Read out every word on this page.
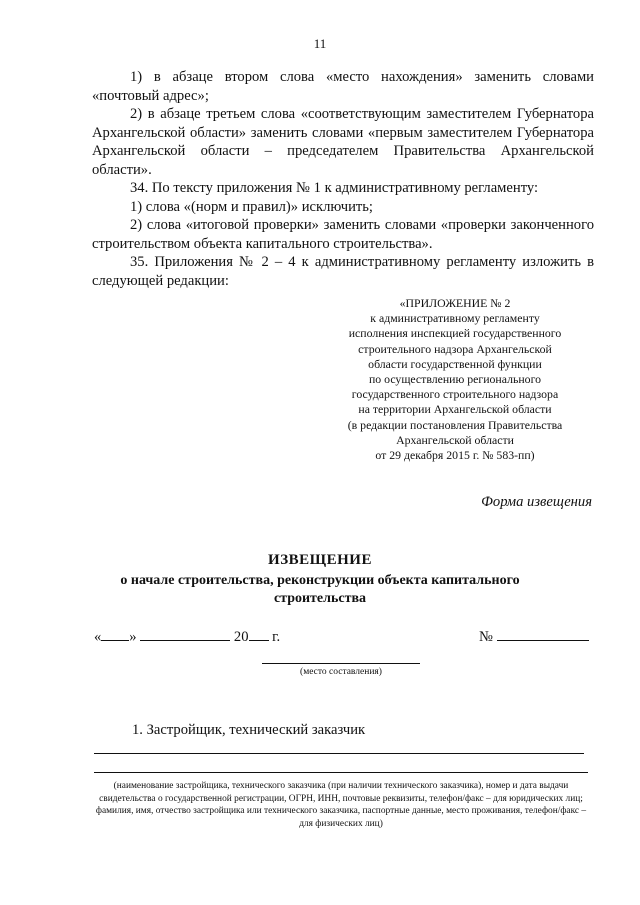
11

1) в абзаце втором слова «место нахождения» заменить словами «почтовый адрес»;

2) в абзаце третьем слова «соответствующим заместителем Губернатора Архангельской области» заменить словами «первым заместителем Губернатора Архангельской области – председателем Правительства Архангельской области».

34. По тексту приложения № 1 к административному регламенту:

1) слова «(норм и правил)» исключить;

2) слова «итоговой проверки» заменить словами «проверки законченного строительством объекта капитального строительства».

35. Приложения № 2 – 4 к административному регламенту изложить в следующей редакции:

«ПРИЛОЖЕНИЕ № 2
к административному регламенту
исполнения инспекцией государственного
строительного надзора Архангельской
области государственной функции
по осуществлению регионального
государственного строительного надзора
на территории Архангельской области
(в редакции постановления Правительства
Архангельской области
от 29 декабря 2015 г. № 583-пп)
Форма извещения
ИЗВЕЩЕНИЕ
о начале строительства, реконструкции объекта капитального
строительства
« »	20 г.	№
(место составления)
1. Застройщик, технический заказчик
(наименование застройщика, технического заказчика (при наличии технического заказчика), номер и дата выдачи свидетельства о государственной регистрации, ОГРН, ИНН, почтовые реквизиты, телефон/факс – для юридических лиц; фамилия, имя, отчество застройщика или технического заказчика, паспортные данные, место проживания, телефон/факс – для физических лиц)
